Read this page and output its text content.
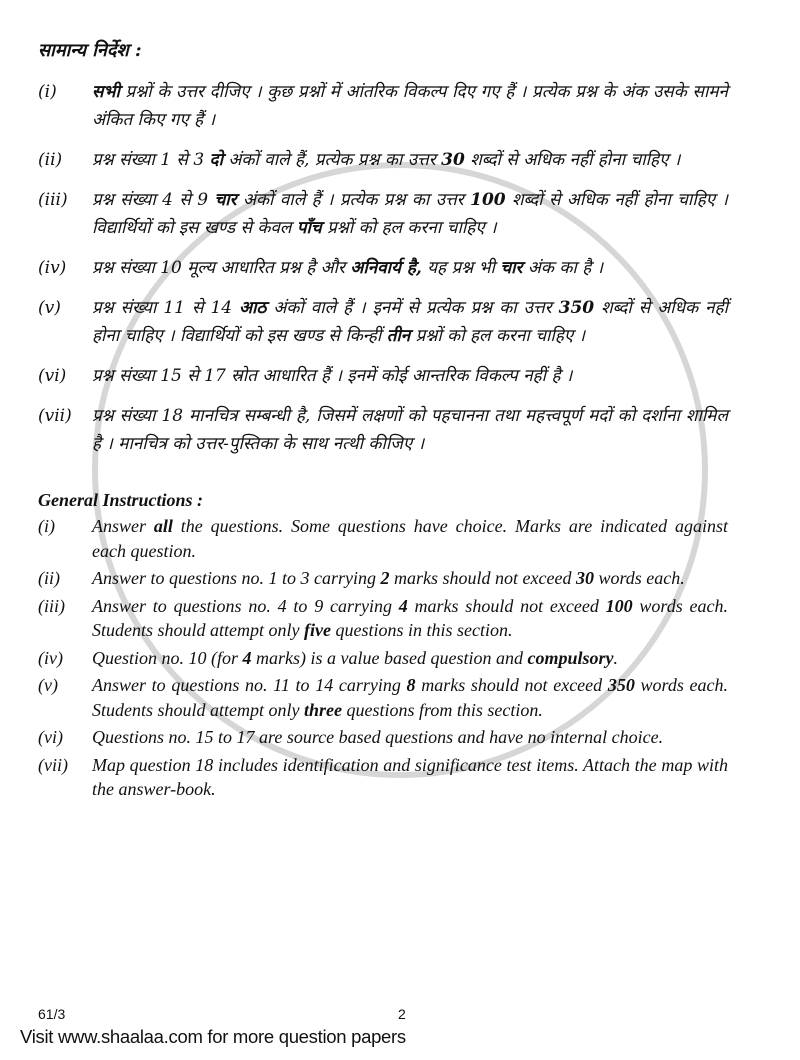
सामान्य निर्देश :
(i)	सभी प्रश्नों के उत्तर दीजिए । कुछ प्रश्नों में आंतरिक विकल्प दिए गए हैं । प्रत्येक प्रश्न के अंक उसके सामने अंकित किए गए हैं ।
(ii)	प्रश्न संख्या 1 से 3 दो अंकों वाले हैं, प्रत्येक प्रश्न का उत्तर 30 शब्दों से अधिक नहीं होना चाहिए ।
(iii)	प्रश्न संख्या 4 से 9 चार अंकों वाले हैं । प्रत्येक प्रश्न का उत्तर 100 शब्दों से अधिक नहीं होना चाहिए । विद्यार्थियों को इस खण्ड से केवल पाँच प्रश्नों को हल करना चाहिए ।
(iv)	प्रश्न संख्या 10 मूल्य आधारित प्रश्न है और अनिवार्य है, यह प्रश्न भी चार अंक का है ।
(v)	प्रश्न संख्या 11 से 14 आठ अंकों वाले हैं । इनमें से प्रत्येक प्रश्न का उत्तर 350 शब्दों से अधिक नहीं होना चाहिए । विद्यार्थियों को इस खण्ड से किन्हीं तीन प्रश्नों को हल करना चाहिए ।
(vi)	प्रश्न संख्या 15 से 17 स्रोत आधारित हैं । इनमें कोई आन्तरिक विकल्प नहीं है ।
(vii)	प्रश्न संख्या 18 मानचित्र सम्बन्धी है, जिसमें लक्षणों को पहचानना तथा महत्त्वपूर्ण मदों को दर्शाना शामिल है । मानचित्र को उत्तर-पुस्तिका के साथ नत्थी कीजिए ।
General Instructions :
(i)	Answer all the questions. Some questions have choice. Marks are indicated against each question.
(ii)	Answer to questions no. 1 to 3 carrying 2 marks should not exceed 30 words each.
(iii)	Answer to questions no. 4 to 9 carrying 4 marks should not exceed 100 words each. Students should attempt only five questions in this section.
(iv)	Question no. 10 (for 4 marks) is a value based question and compulsory.
(v)	Answer to questions no. 11 to 14 carrying 8 marks should not exceed 350 words each. Students should attempt only three questions from this section.
(vi)	Questions no. 15 to 17 are source based questions and have no internal choice.
(vii)	Map question 18 includes identification and significance test items. Attach the map with the answer-book.
61/3	2
Visit www.shaalaa.com for more question papers
